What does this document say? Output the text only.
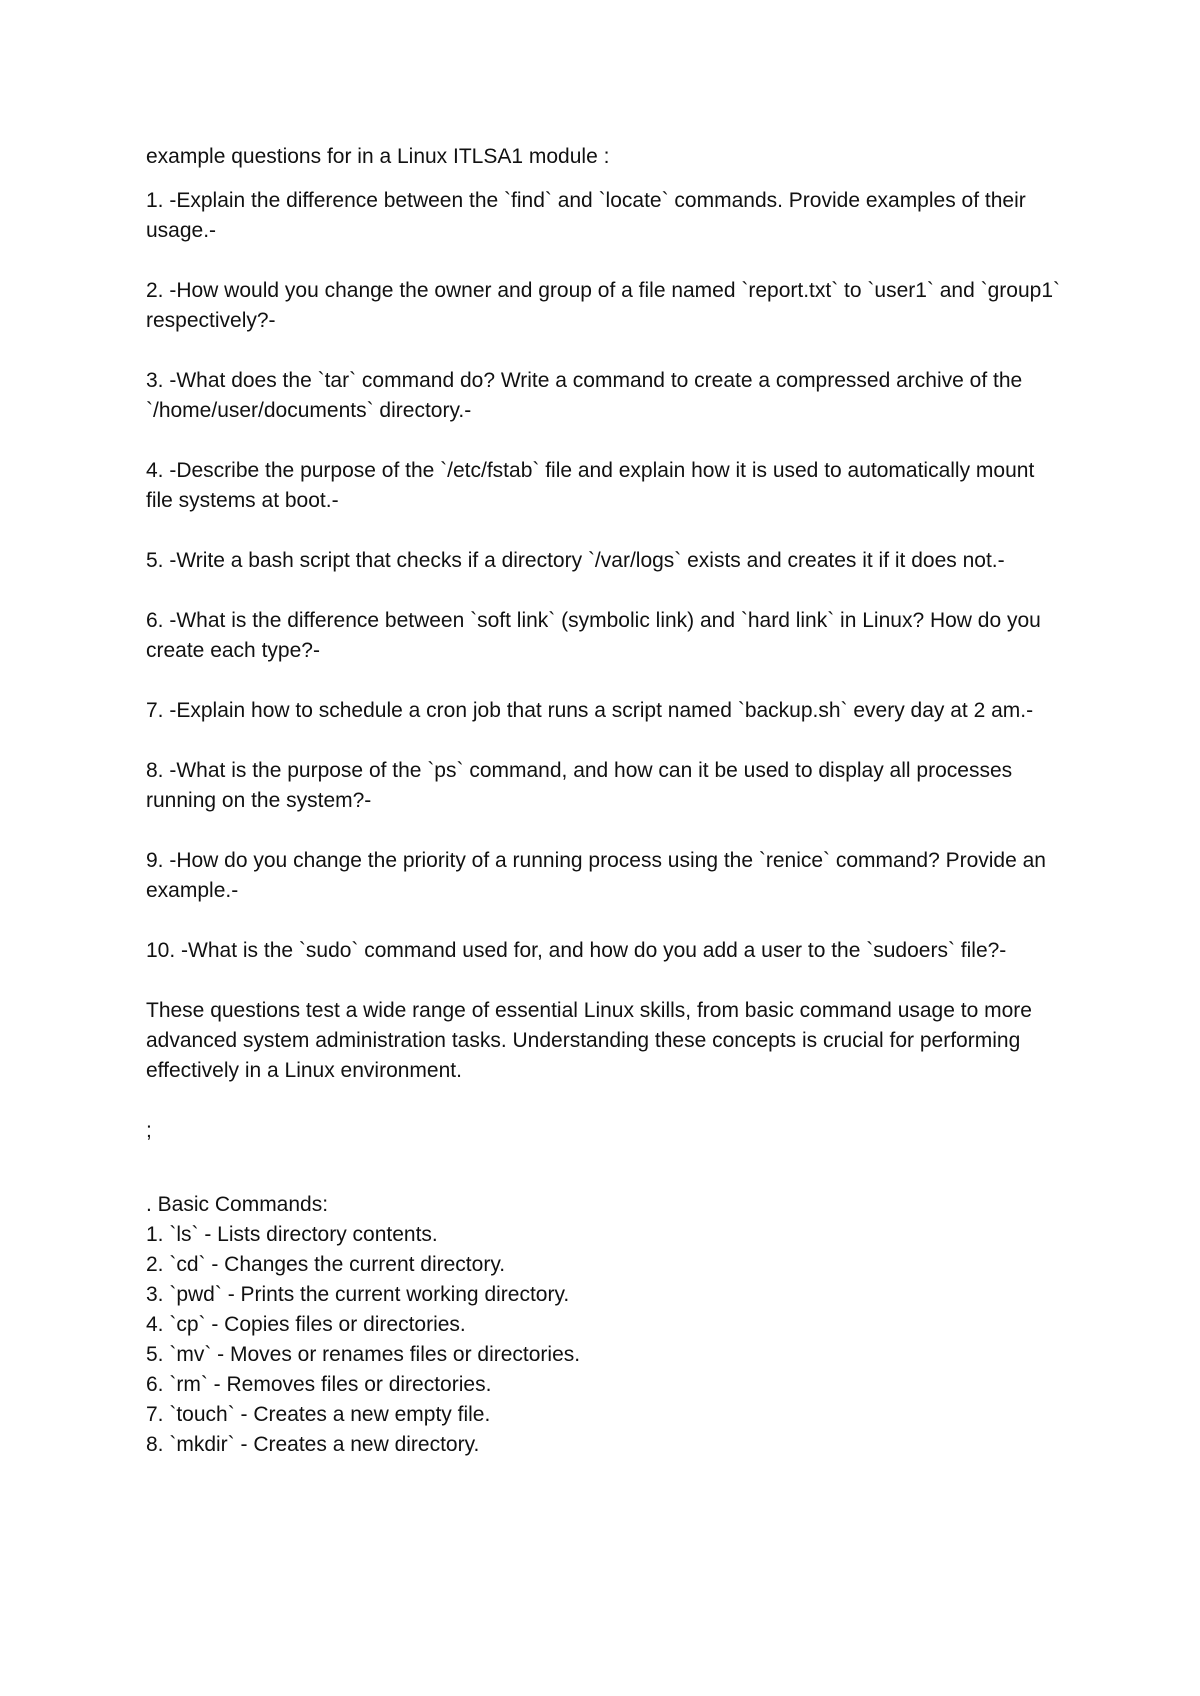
example questions for in a Linux ITLSA1 module :

1. -Explain the difference between the `find` and `locate` commands. Provide examples of their usage.-

2. -How would you change the owner and group of a file named `report.txt` to `user1` and `group1` respectively?-

3. -What does the `tar` command do? Write a command to create a compressed archive of the `/home/user/documents` directory.-

4. -Describe the purpose of the `/etc/fstab` file and explain how it is used to automatically mount file systems at boot.-

5. -Write a bash script that checks if a directory `/var/logs` exists and creates it if it does not.-

6. -What is the difference between `soft link` (symbolic link) and `hard link` in Linux? How do you create each type?-

7. -Explain how to schedule a cron job that runs a script named `backup.sh` every day at 2 am.-

8. -What is the purpose of the `ps` command, and how can it be used to display all processes running on the system?-

9. -How do you change the priority of a running process using the `renice` command? Provide an example.-

10. -What is the `sudo` command used for, and how do you add a user to the `sudoers` file?-

These questions test a wide range of essential Linux skills, from basic command usage to more advanced system administration tasks. Understanding these concepts is crucial for performing effectively in a Linux environment.

;

. Basic Commands:

1. `ls` - Lists directory contents.
2. `cd` - Changes the current directory.
3. `pwd` - Prints the current working directory.
4. `cp` - Copies files or directories.
5. `mv` - Moves or renames files or directories.
6. `rm` - Removes files or directories.
7. `touch` - Creates a new empty file.
8. `mkdir` - Creates a new directory.
